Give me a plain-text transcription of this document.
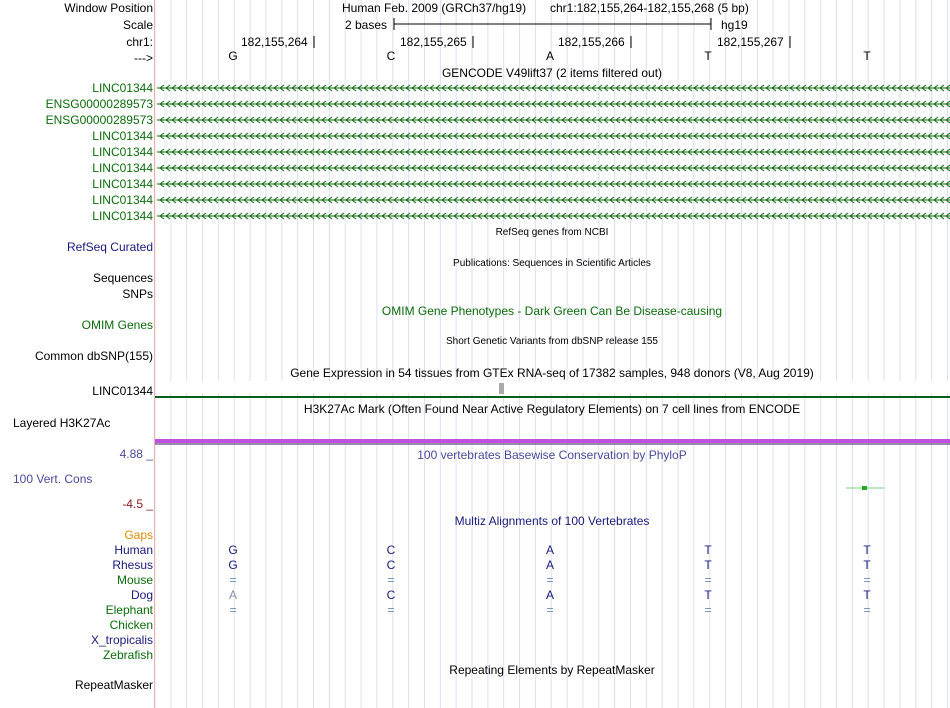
Window Position
Scale
chr1:
--->
Human Feb. 2009 (GRCh37/hg19) chr1:182,155,264-182,155,268 (5 bp)
2 bases	hg19
182,155,264	182,155,265	182,155,266	182,155,267
G	C	A	T	T
GENCODE V49lift37 (2 items filtered out)
LINC01344
ENSG00000289573
ENSG00000289573
LINC01344
LINC01344
LINC01344
LINC01344
LINC01344
LINC01344
RefSeq genes from NCBI
RefSeq Curated
Publications: Sequences in Scientific Articles
Sequences
SNPs
OMIM Gene Phenotypes - Dark Green Can Be Disease-causing
OMIM Genes
Short Genetic Variants from dbSNP release 155
Common dbSNP(155)
Gene Expression in 54 tissues from GTEx RNA-seq of 17382 samples, 948 donors (V8, Aug 2019)
LINC01344
H3K27Ac Mark (Often Found Near Active Regulatory Elements) on 7 cell lines from ENCODE
Layered H3K27Ac
4.88 _	100 vertebrates Basewise Conservation by PhyloP
100 Vert. Cons
-4.5 _
Multiz Alignments of 100 Vertebrates
Gaps
Human	G	C	A	T	T
Rhesus	G	C	A	T	T
Mouse	=	=	=	=	=
Dog	A	C	A	T	T
Elephant	=	=	=	=	=
Chicken
X_tropicalis
Zebrafish
Repeating Elements by RepeatMasker
RepeatMasker
